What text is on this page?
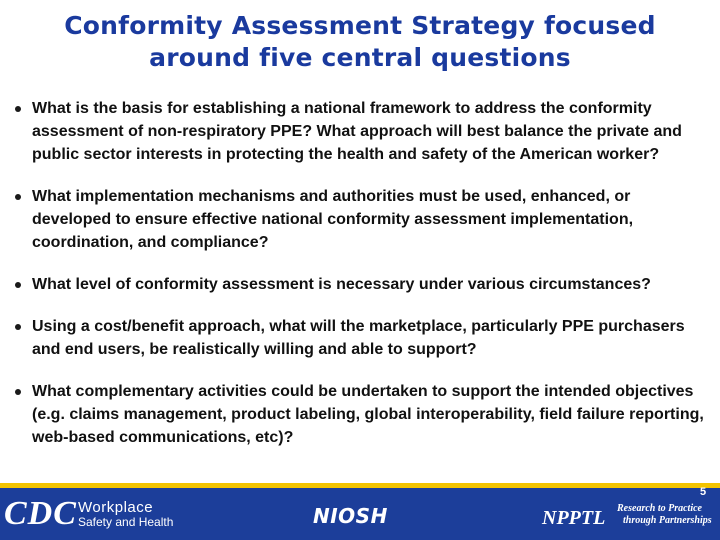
Conformity Assessment Strategy focused
around five central questions
What is the basis for establishing a national framework to address the conformity assessment of non-respiratory PPE? What approach will best balance the private and public sector interests in protecting the health and safety of the American worker?
What implementation mechanisms and authorities must be used, enhanced, or developed to ensure effective national conformity assessment implementation, coordination, and compliance?
What level of conformity assessment is necessary under various circumstances?
Using a cost/benefit approach, what will the marketplace, particularly PPE purchasers and end users, be realistically willing and able to support?
What complementary activities could be undertaken to support the intended objectives (e.g. claims management, product labeling, global interoperability, field failure reporting, web-based communications, etc)?
CDC Workplace
Safety and Health	NIOSH	NPPTL Research to Practice
through Partnerships
5
